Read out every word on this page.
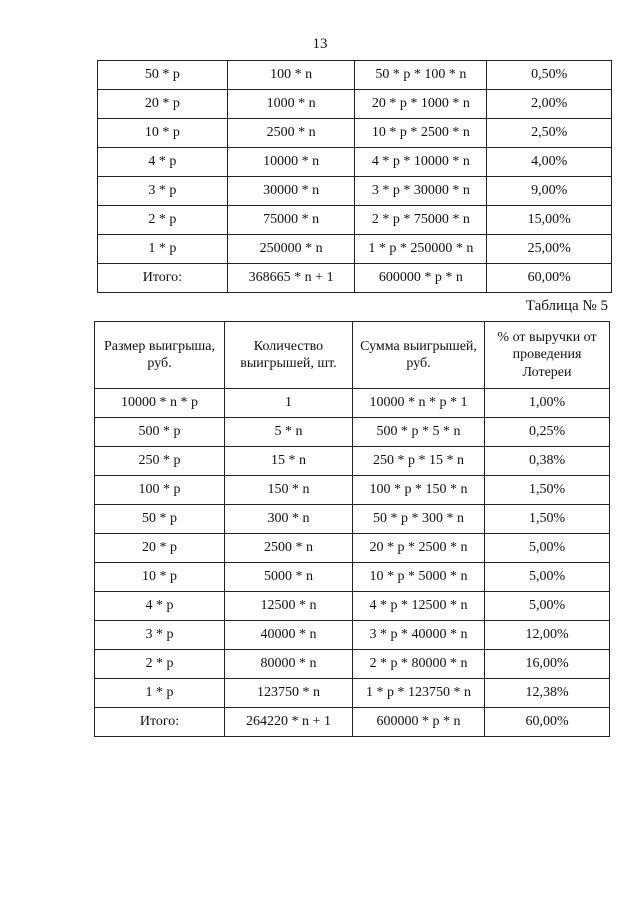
13
50 * р	100 * n	50 * р * 100 * n	0,50%
20 * р	1000 * n	20 * р * 1000 * n	2,00%
10 * р	2500 * n	10 * р * 2500 * n	2,50%
4 * р	10000 * n	4 * р * 10000 * n	4,00%
3 * р	30000 * n	3 * р * 30000 * n	9,00%
2 * р	75000 * n	2 * р * 75000 * n	15,00%
1 * р	250000 * n	1 * р * 250000 * n	25,00%
Итого:	368665 * n + 1	600000 * р * n	60,00%
Таблица № 5
Размер выигрыша, руб.	Количество выигрышей, шт.	Сумма выигрышей, руб.	% от выручки от проведения Лотереи
10000 * n * р	1	10000 * n * р * 1	1,00%
500 * р	5 * n	500 * р * 5 * n	0,25%
250 * р	15 * n	250 * р * 15 * n	0,38%
100 * р	150 * n	100 * р * 150 * n	1,50%
50 * р	300 * n	50 * р * 300 * n	1,50%
20 * р	2500 * n	20 * р * 2500 * n	5,00%
10 * р	5000 * n	10 * р * 5000 * n	5,00%
4 * р	12500 * n	4 * р * 12500 * n	5,00%
3 * р	40000 * n	3 * р * 40000 * n	12,00%
2 * р	80000 * n	2 * р * 80000 * n	16,00%
1 * р	123750 * n	1 * р * 123750 * n	12,38%
Итого:	264220 * n + 1	600000 * р * n	60,00%
